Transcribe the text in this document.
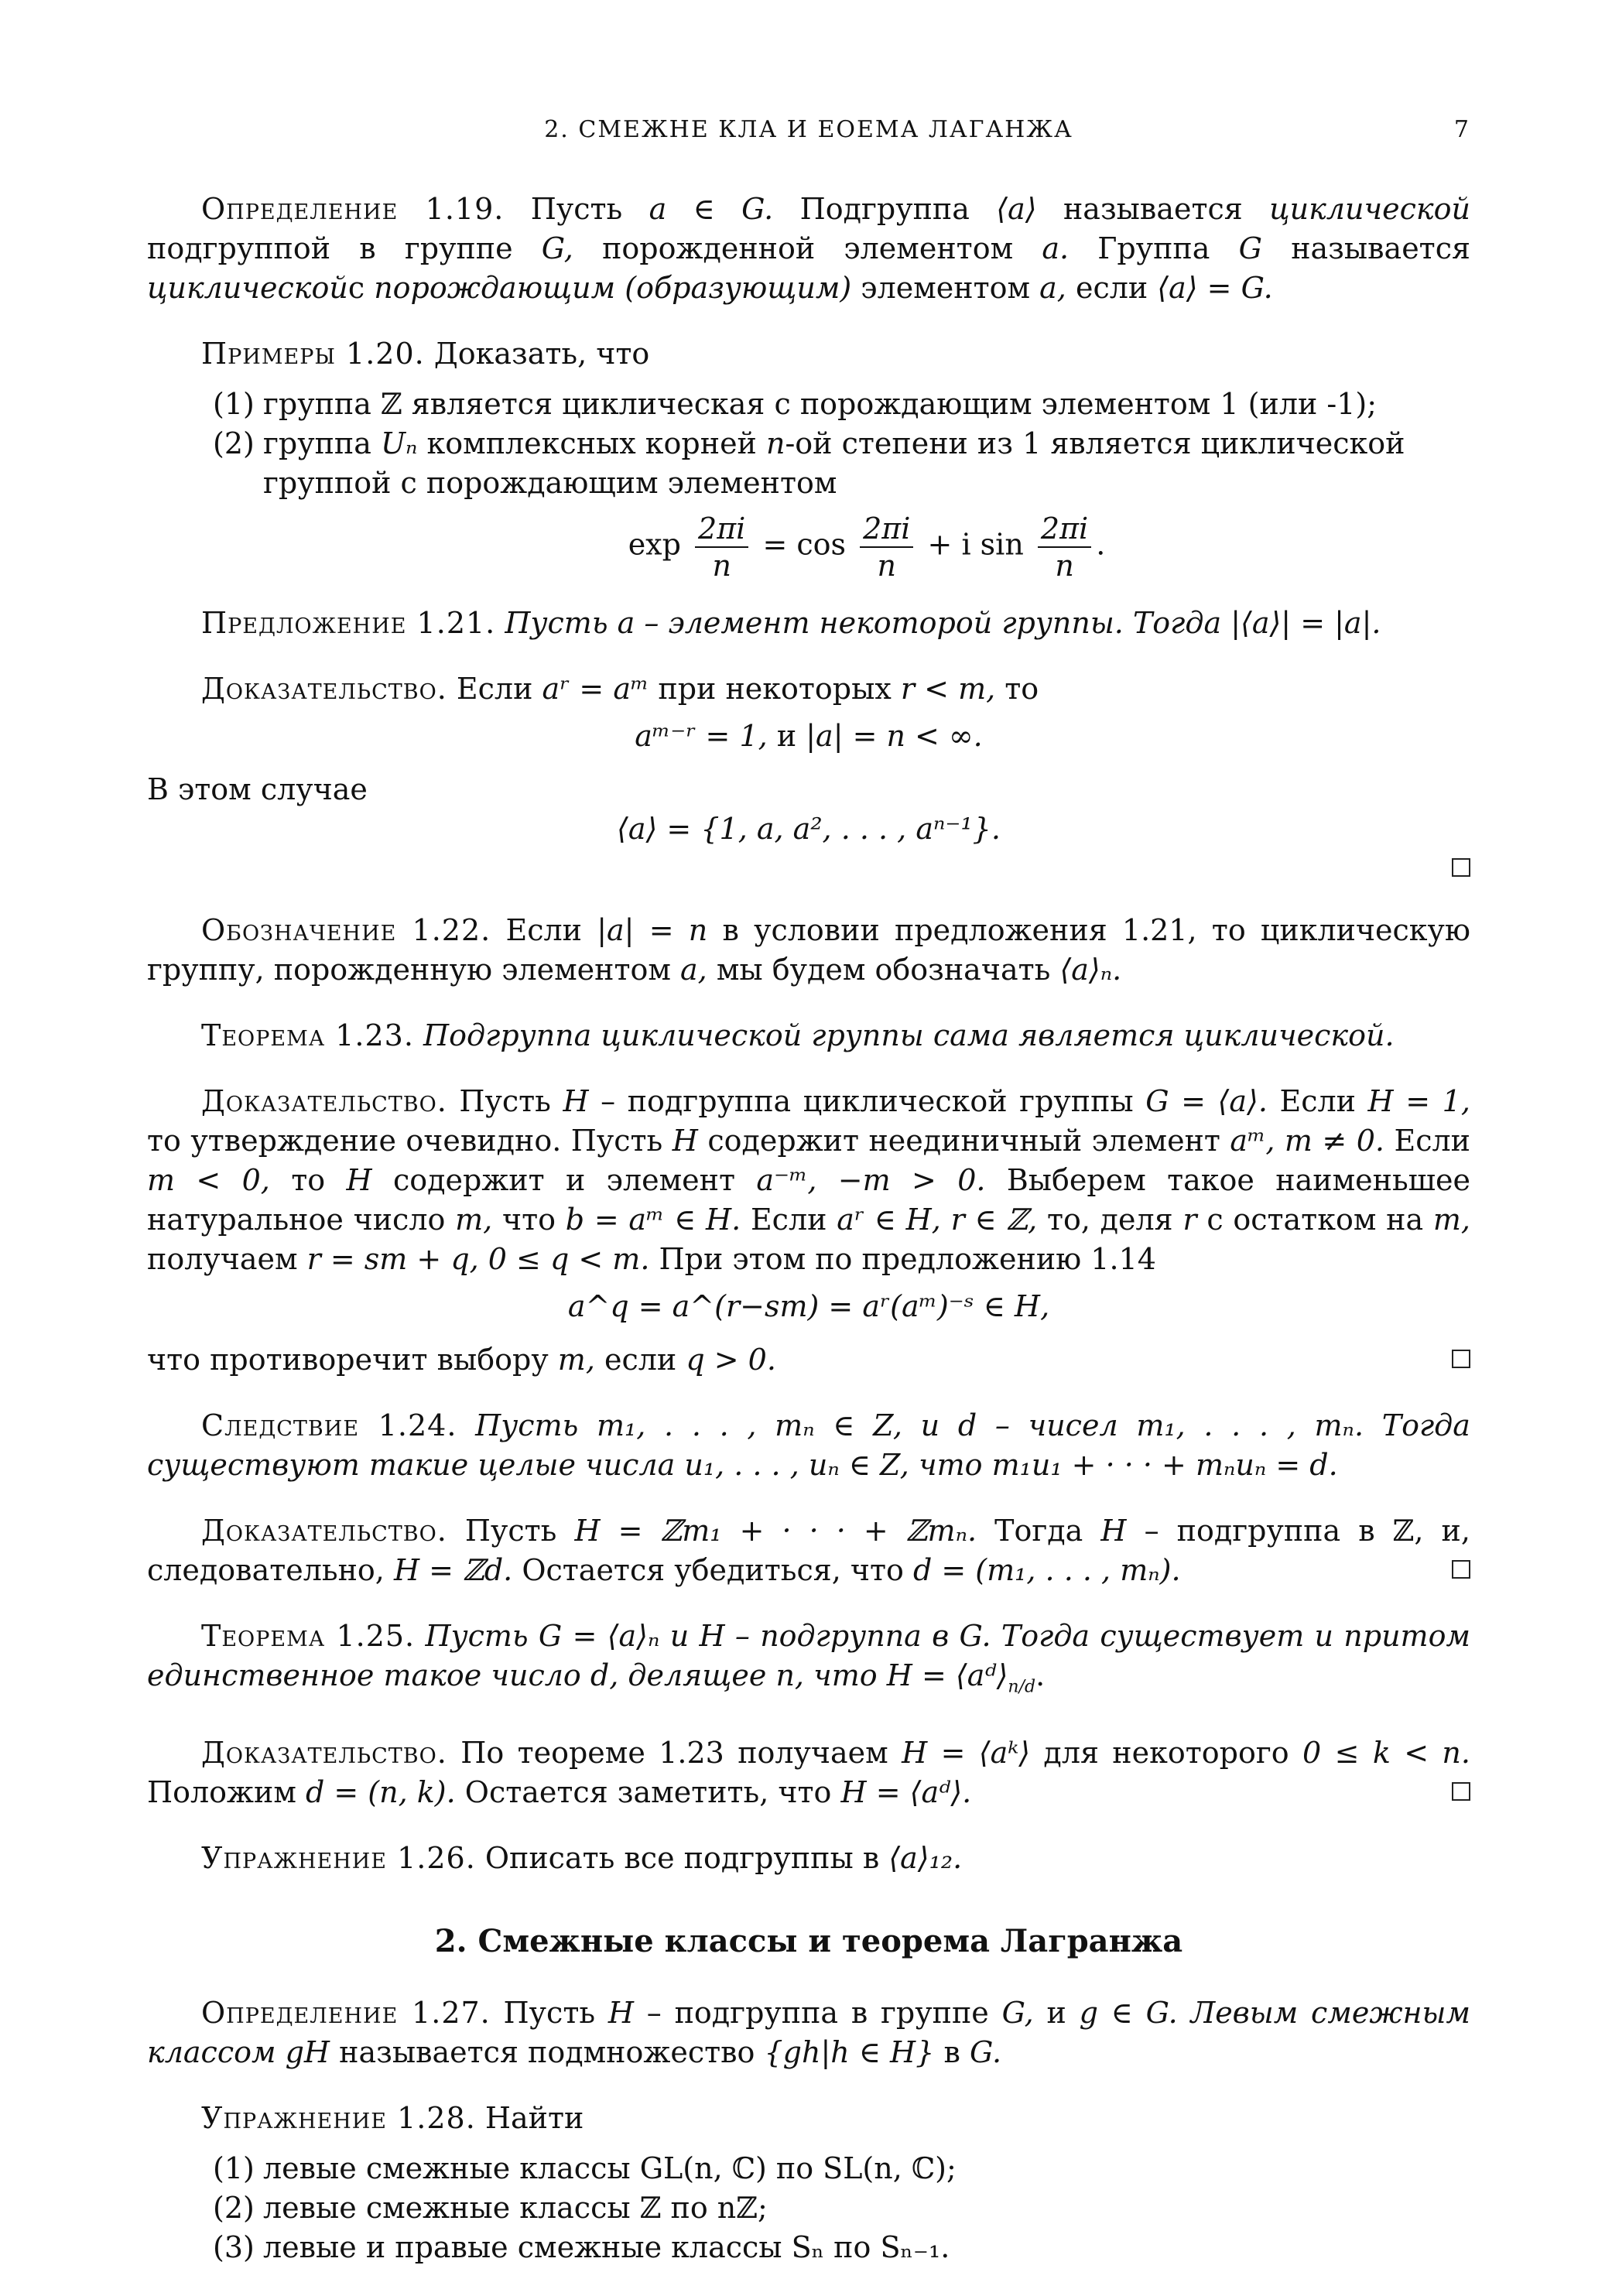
2. СМЕЖНЕ КЛА И ЕОЕМА ЛАГАНЖА	7

Определение 1.19. Пусть a ∈ G. Подгруппа ⟨a⟩ называется циклической подгруппой в группе G, порожденной элементом a. Группа G называется циклическойс порождающим (образующим) элементом a, если ⟨a⟩ = G.

Примеры 1.20. Доказать, что

(1) группа ℤ является циклическая с порождающим элементом 1 (или -1);
(2) группа Uₙ комплексных корней n-ой степени из 1 является циклической группой с порождающим элементом
$\exp \frac{2\pi i}{n} = \cos \frac{2\pi i}{n} + i$ $\sin \frac{2\pi i}{n}$ .

Предложение 1.21. Пусть a – элемент некоторой группы. Тогда |⟨a⟩| = |a|.

Доказательство. Если aʳ = aᵐ при некоторых r < m, то

aᵐ⁻ʳ = 1, и |a| = n < ∞.

В этом случае

⟨a⟩ = {1, a, a², . . . , aⁿ⁻¹}.

Обозначение 1.22. Если |a| = n в условии предложения 1.21, то циклическую группу, порожденную элементом a, мы будем обозначать ⟨a⟩ₙ.

Теорема 1.23. Подгруппа циклической группы сама является циклической.

Доказательство. Пусть H – подгруппа циклической группы G = ⟨a⟩. Если H = 1, то утверждение очевидно. Пусть H содержит неединичный элемент aᵐ, m ≠ 0. Если m < 0, то H содержит и элемент a⁻ᵐ, −m > 0. Выберем такое наименьшее натуральное число m, что b = aᵐ ∈ H. Если aʳ ∈ H, r ∈ ℤ, то, деля r с остатком на m, получаем r = sm + q, 0 ≤ q < m. При этом по предложению 1.14

a^q = a^(r−sm) = aʳ(aᵐ)⁻ˢ ∈ H,

что противоречит выбору m, если q > 0.

Следствие 1.24. Пусть m₁, . . . , mₙ ∈ Z, и d – чисел m₁, . . . , mₙ. Тогда существуют такие целые числа u₁, . . . , uₙ ∈ Z, что m₁u₁ + · · · + mₙuₙ = d.

Доказательство. Пусть H = ℤm₁ + · · · + ℤmₙ. Тогда H – подгруппа в ℤ, и, следовательно, H = ℤd. Остается убедиться, что d = (m₁, . . . , mₙ).

Теорема 1.25. Пусть G = ⟨a⟩ₙ и H – подгруппа в G. Тогда существует и притом единственное такое число d, делящее n, что $H = ⟨aᵈ⟩_{n/d}$.

Доказательство. По теореме 1.23 получаем H = ⟨aᵏ⟩ для некоторого 0 ≤ k < n. Положим d = (n, k). Остается заметить, что H = ⟨aᵈ⟩.

Упражнение 1.26. Описать все подгруппы в ⟨a⟩₁₂.

2. Смежные классы и теорема Лагранжа

Определение 1.27. Пусть H – подгруппа в группе G, и g ∈ G. Левым смежным классом gH называется подмножество {gh|h ∈ H} в G.

Упражнение 1.28. Найти

(1) левые смежные классы GL(n, ℂ) по SL(n, ℂ);
(2) левые смежные классы ℤ по nℤ;
(3) левые и правые смежные классы Sₙ по Sₙ₋₁.
